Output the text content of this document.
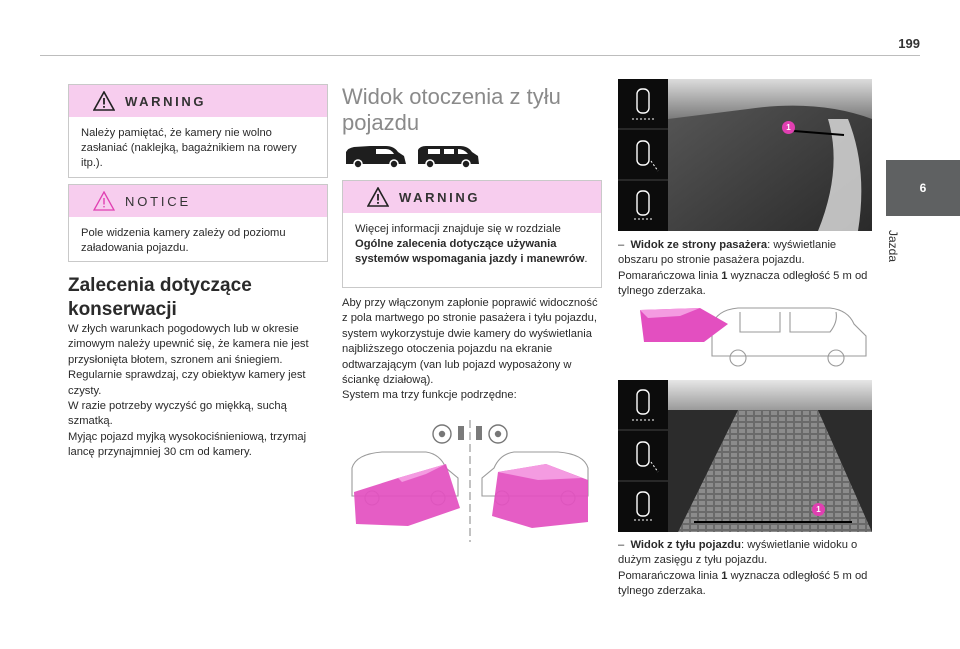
199
6
Jazda
WARNING
Należy pamiętać, że kamery nie wolno zasłaniać (naklejką, bagażnikiem na rowery itp.).
NOTICE
Pole widzenia kamery zależy od poziomu załadowania pojazdu.
Zalecenia dotyczące konserwacji

W złych warunkach pogodowych lub w okresie zimowym należy upewnić się, że kamera nie jest przysłonięta błotem, szronem ani śniegiem.

Regularnie sprawdzaj, czy obiektyw kamery jest czysty.

W razie potrzeby wyczyść go miękką, suchą szmatką.

Myjąc pojazd myjką wysokociśnieniową, trzymaj lancę przynajmniej 30 cm od kamery.

Widok otoczenia z tyłu pojazdu
WARNING
Więcej informacji znajduje się w rozdziale Ogólne zalecenia dotyczące używania systemów wspomagania jazdy i manewrów.

Aby przy włączonym zapłonie poprawić widoczność z pola martwego po stronie pasażera i tyłu pojazdu, system wykorzystuje dwie kamery do wyświetlania najbliższego otoczenia pojazdu na ekranie odtwarzającym (van lub pojazd wyposażony w ściankę działową).

System ma trzy funkcje podrzędne:

1

– Widok ze strony pasażera: wyświetlanie obszaru po stronie pasażera pojazdu.

Pomarańczowa linia 1 wyznacza odległość 5 m od tylnego zderzaka.

1

– Widok z tyłu pojazdu: wyświetlanie widoku o dużym zasięgu z tyłu pojazdu.

Pomarańczowa linia 1 wyznacza odległość 5 m od tylnego zderzaka.
